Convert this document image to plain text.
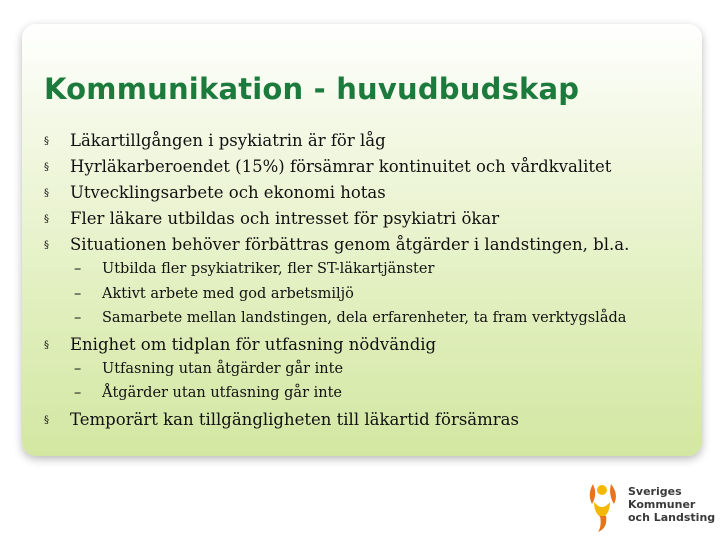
Kommunikation - huvudbudskap
§ Läkartillgången i psykiatrin är för låg
§ Hyrläkarberoendet (15%) försämrar kontinuitet och vårdkvalitet
§ Utvecklingsarbete och ekonomi hotas
§ Fler läkare utbildas och intresset för psykiatri ökar
§ Situationen behöver förbättras genom åtgärder i landstingen, bl.a.
– Utbilda fler psykiatriker, fler ST-läkartjänster
– Aktivt arbete med god arbetsmiljö
– Samarbete mellan landstingen, dela erfarenheter, ta fram verktygslåda
§ Enighet om tidplan för utfasning nödvändig
– Utfasning utan åtgärder går inte
– Åtgärder utan utfasning går inte
§ Temporärt kan tillgängligheten till läkartid försämras
Sveriges
Kommuner
och Landsting
